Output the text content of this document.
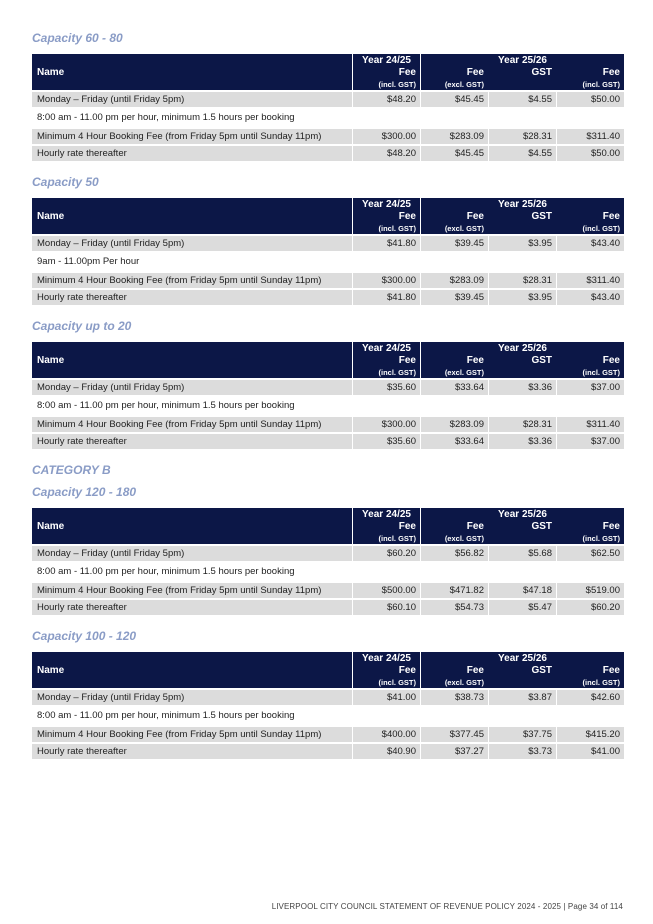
Capacity 60 - 80
Name	Year 24/25	Year 25/26		
	Fee	Fee	GST	Fee
	(incl. GST)	(excl. GST)		(incl. GST)
Monday – Friday (until Friday 5pm)	$48.20	$45.45	$4.55	$50.00
8:00 am - 11.00 pm per hour, minimum 1.5 hours per booking				
Minimum 4 Hour Booking Fee (from Friday 5pm until Sunday 11pm)	$300.00	$283.09	$28.31	$311.40
Hourly rate thereafter	$48.20	$45.45	$4.55	$50.00
Capacity 50
Name	Year 24/25	Year 25/26		
	Fee	Fee	GST	Fee
	(incl. GST)	(excl. GST)		(incl. GST)
Monday – Friday (until Friday 5pm)	$41.80	$39.45	$3.95	$43.40
9am - 11.00pm Per hour				
Minimum 4 Hour Booking Fee (from Friday 5pm until Sunday 11pm)	$300.00	$283.09	$28.31	$311.40
Hourly rate thereafter	$41.80	$39.45	$3.95	$43.40
Capacity up to 20
Name	Year 24/25	Year 25/26		
	Fee	Fee	GST	Fee
	(incl. GST)	(excl. GST)		(incl. GST)
Monday – Friday (until Friday 5pm)	$35.60	$33.64	$3.36	$37.00
8:00 am - 11.00 pm per hour, minimum 1.5 hours per booking				
Minimum 4 Hour Booking Fee (from Friday 5pm until Sunday 11pm)	$300.00	$283.09	$28.31	$311.40
Hourly rate thereafter	$35.60	$33.64	$3.36	$37.00
CATEGORY B
Capacity 120 - 180
Name	Year 24/25	Year 25/26		
	Fee	Fee	GST	Fee
	(incl. GST)	(excl. GST)		(incl. GST)
Monday – Friday (until Friday 5pm)	$60.20	$56.82	$5.68	$62.50
8:00 am - 11.00 pm per hour, minimum 1.5 hours per booking				
Minimum 4 Hour Booking Fee (from Friday 5pm until Sunday 11pm)	$500.00	$471.82	$47.18	$519.00
Hourly rate thereafter	$60.10	$54.73	$5.47	$60.20
Capacity 100 - 120
Name	Year 24/25	Year 25/26		
	Fee	Fee	GST	Fee
	(incl. GST)	(excl. GST)		(incl. GST)
Monday – Friday (until Friday 5pm)	$41.00	$38.73	$3.87	$42.60
8:00 am - 11.00 pm per hour, minimum 1.5 hours per booking				
Minimum 4 Hour Booking Fee (from Friday 5pm until Sunday 11pm)	$400.00	$377.45	$37.75	$415.20
Hourly rate thereafter	$40.90	$37.27	$3.73	$41.00
LIVERPOOL CITY COUNCIL STATEMENT OF REVENUE POLICY 2024 - 2025 | Page 34 of 114
